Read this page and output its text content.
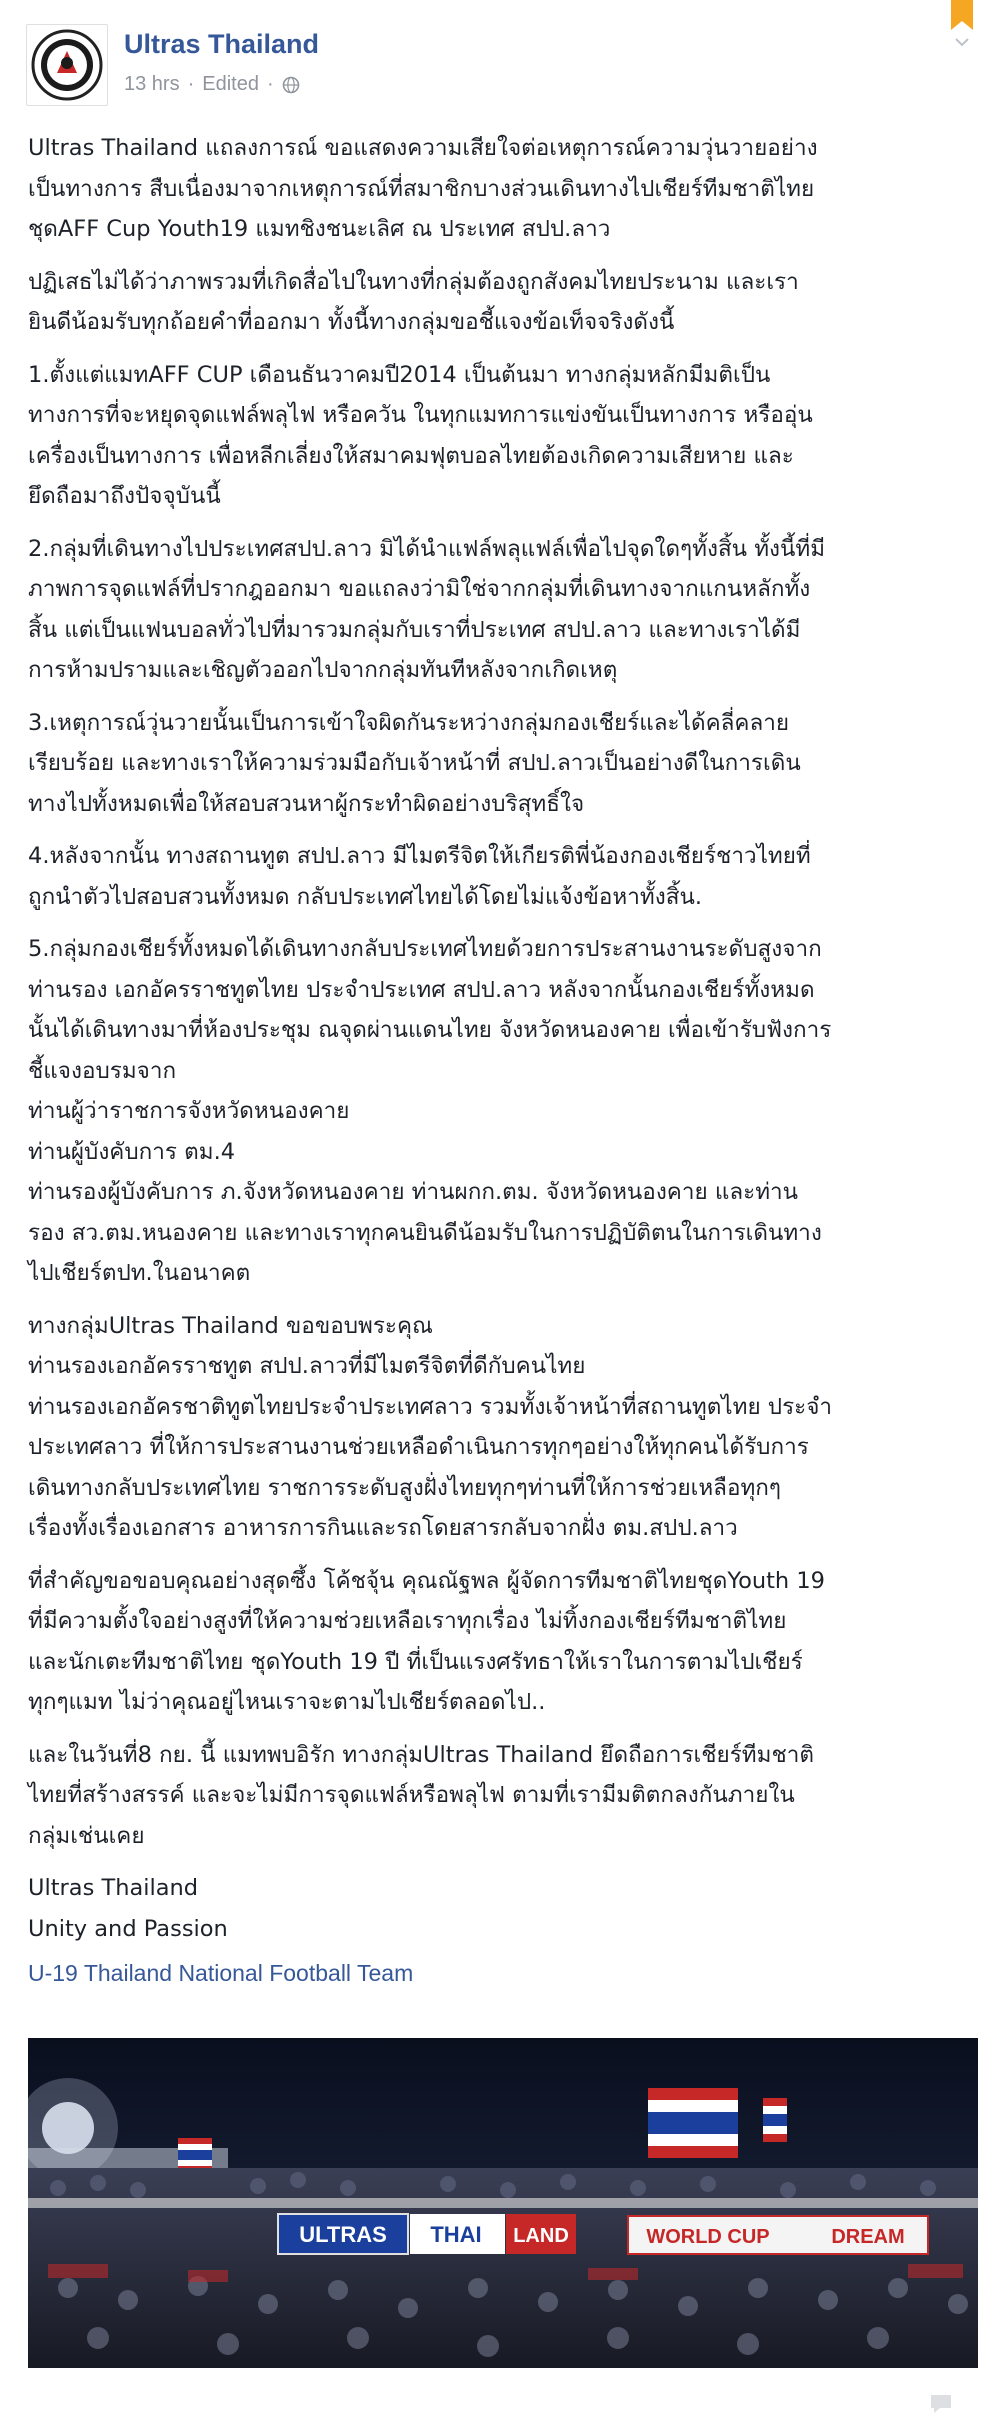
Ultras Thailand
13 hrs · Edited ·

Ultras Thailand แถลงการณ์ ขอแสดงความเสียใจต่อเหตุการณ์ความวุ่นวายอย่าง
เป็นทางการ สืบเนื่องมาจากเหตุการณ์ที่สมาชิกบางส่วนเดินทางไปเชียร์ทีมชาติไทย
ชุดAFF Cup Youth19 แมทชิงชนะเลิศ ณ ประเทศ สปป.ลาว

ปฏิเสธไม่ได้ว่าภาพรวมที่เกิดสื่อไปในทางที่กลุ่มต้องถูกสังคมไทยประนาม และเรา
ยินดีน้อมรับทุกถ้อยคำที่ออกมา ทั้งนี้ทางกลุ่มขอชี้แจงข้อเท็จจริงดังนี้

1.ตั้งแต่แมทAFF CUP เดือนธันวาคมปี2014 เป็นต้นมา ทางกลุ่มหลักมีมติเป็น
ทางการที่จะหยุดจุดแฟล์พลุไฟ หรือควัน ในทุกแมทการแข่งขันเป็นทางการ หรืออุ่น
เครื่องเป็นทางการ เพื่อหลีกเลี่ยงให้สมาคมฟุตบอลไทยต้องเกิดความเสียหาย และ
ยึดถือมาถึงปัจจุบันนี้

2.กลุ่มที่เดินทางไปประเทศสปป.ลาว มิได้นำแฟล์พลุแฟล์เพื่อไปจุดใดๆทั้งสิ้น ทั้งนี้ที่มี
ภาพการจุดแฟล์ที่ปรากฎออกมา ขอแถลงว่ามิใช่จากกลุ่มที่เดินทางจากแกนหลักทั้ง
สิ้น แต่เป็นแฟนบอลทั่วไปที่มารวมกลุ่มกับเราที่ประเทศ สปป.ลาว และทางเราได้มี
การห้ามปรามและเชิญตัวออกไปจากกลุ่มทันทีหลังจากเกิดเหตุ

3.เหตุการณ์วุ่นวายนั้นเป็นการเข้าใจผิดกันระหว่างกลุ่มกองเชียร์และได้คลี่คลาย
เรียบร้อย และทางเราให้ความร่วมมือกับเจ้าหน้าที่ สปป.ลาวเป็นอย่างดีในการเดิน
ทางไปทั้งหมดเพื่อให้สอบสวนหาผู้กระทำผิดอย่างบริสุทธิ์ใจ

4.หลังจากนั้น ทางสถานทูต สปป.ลาว มีไมตรีจิตให้เกียรติพี่น้องกองเชียร์ชาวไทยที่
ถูกนำตัวไปสอบสวนทั้งหมด กลับประเทศไทยได้โดยไม่แจ้งข้อหาทั้งสิ้น.

5.กลุ่มกองเชียร์ทั้งหมดได้เดินทางกลับประเทศไทยด้วยการประสานงานระดับสูงจาก
ท่านรอง เอกอัครราชทูตไทย ประจำประเทศ สปป.ลาว หลังจากนั้นกองเชียร์ทั้งหมด
นั้นได้เดินทางมาที่ห้องประชุม ณจุดผ่านแดนไทย จังหวัดหนองคาย เพื่อเข้ารับฟังการ
ชี้แจงอบรมจาก
ท่านผู้ว่าราชการจังหวัดหนองคาย
ท่านผู้บังคับการ ตม.4
ท่านรองผู้บังคับการ ภ.จังหวัดหนองคาย ท่านผกก.ตม. จังหวัดหนองคาย และท่าน
รอง สว.ตม.หนองคาย และทางเราทุกคนยินดีน้อมรับในการปฏิบัติตนในการเดินทาง
ไปเชียร์ตปท.ในอนาคต

ทางกลุ่มUltras Thailand ขอขอบพระคุณ
ท่านรองเอกอัครราชทูต สปป.ลาวที่มีไมตรีจิตที่ดีกับคนไทย
ท่านรองเอกอัครชาติทูตไทยประจำประเทศลาว รวมทั้งเจ้าหน้าที่สถานทูตไทย ประจำ
ประเทศลาว ที่ให้การประสานงานช่วยเหลือดำเนินการทุกๆอย่างให้ทุกคนได้รับการ
เดินทางกลับประเทศไทย ราชการระดับสูงฝั่งไทยทุกๆท่านที่ให้การช่วยเหลือทุกๆ
เรื่องทั้งเรื่องเอกสาร อาหารการกินและรถโดยสารกลับจากฝั่ง ตม.สปป.ลาว

ที่สำคัญขอขอบคุณอย่างสุดซึ้ง โค้ชจุ้น คุณณัฐพล ผู้จัดการทีมชาติไทยชุดYouth 19
ที่มีความตั้งใจอย่างสูงที่ให้ความช่วยเหลือเราทุกเรื่อง ไม่ทิ้งกองเชียร์ทีมชาติไทย
และนักเตะทีมชาติไทย ชุดYouth 19 ปี ที่เป็นแรงศรัทธาให้เราในการตามไปเชียร์
ทุกๆแมท ไม่ว่าคุณอยู่ไหนเราจะตามไปเชียร์ตลอดไป..

และในวันที่8 กย. นี้ แมทพบอิรัก ทางกลุ่มUltras Thailand ยึดถือการเชียร์ทีมชาติ
ไทยที่สร้างสรรค์ และจะไม่มีการจุดแฟล์หรือพลุไฟ ตามที่เรามีมติตกลงกันภายใน
กลุ่มเช่นเคย

Ultras Thailand
Unity and Passion

U-19 Thailand National Football Team
ULTRAS THAI LAND	WORLD CUP	DREAM
